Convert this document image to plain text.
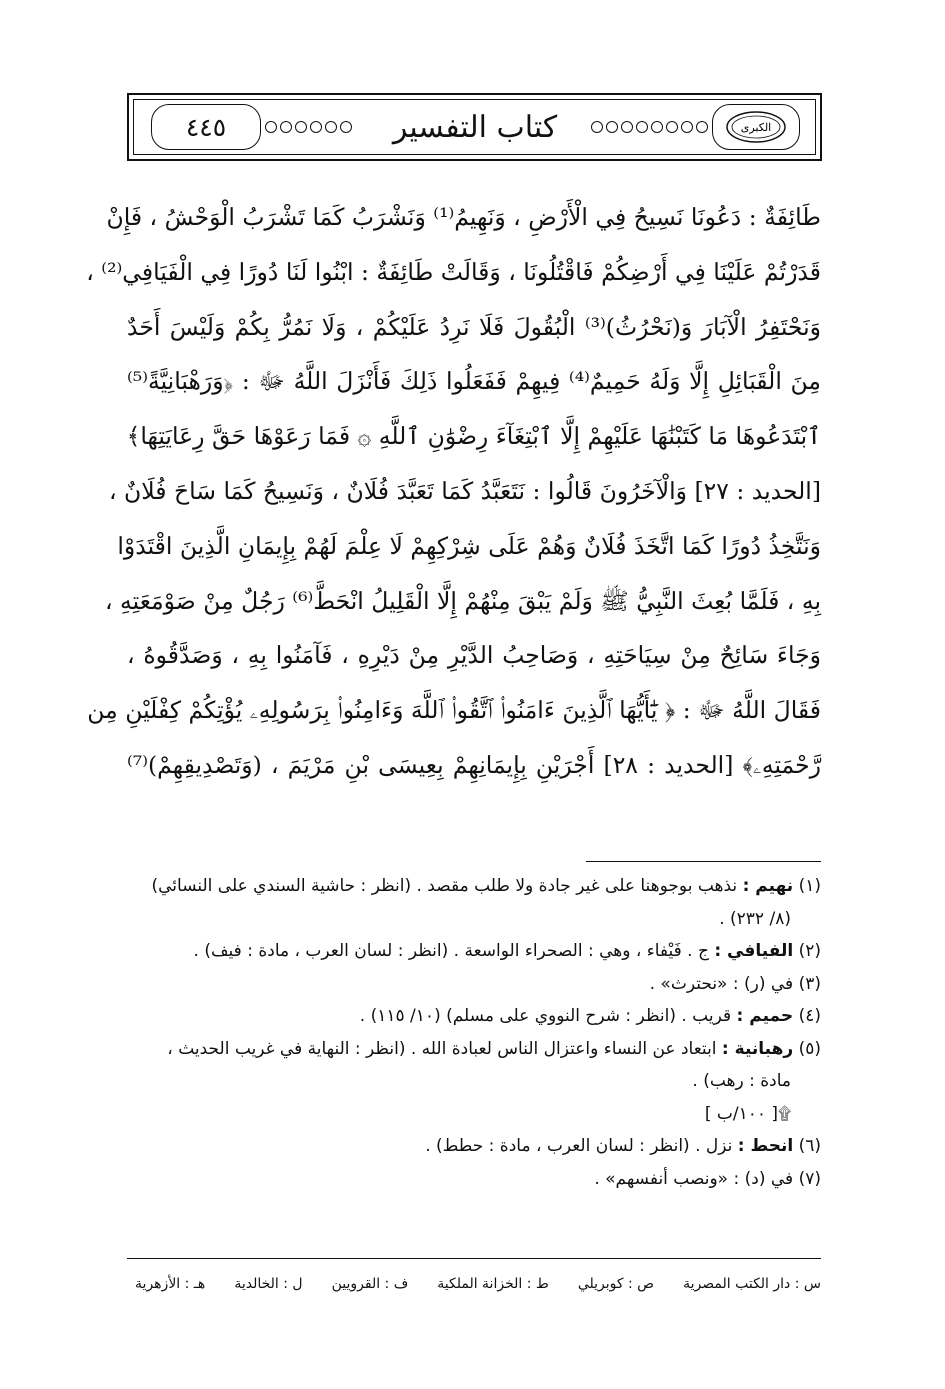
الكبرى
كتاب التفسير
٤٤٥
طَائِفَةٌ : دَعُونَا نَسِيحُ فِي الْأَرْضِ ، وَنَهِيمُ⁽¹⁾ وَنَشْرَبُ كَمَا تَشْرَبُ الْوَحْشُ ، فَإِنْ
قَدَرْتُمْ عَلَيْنَا فِي أَرْضِكُمْ فَاقْتُلُونَا ، وَقَالَتْ طَائِفَةٌ : ابْنُوا لَنَا دُورًا فِي الْفَيَافِي⁽²⁾ ،
وَنَحْتَفِرُ الْآبَارَ وَ(نَحْرُثُ)⁽³⁾ الْبُقُولَ فَلَا نَرِدُ عَلَيْكُمْ ، وَلَا نَمُرُّ بِكُمْ وَلَيْسَ أَحَدٌ
مِنَ الْقَبَائِلِ إِلَّا وَلَهُ حَمِيمٌ⁽⁴⁾ فِيهِمْ فَفَعَلُوا ذَلِكَ فَأَنْزَلَ اللَّهُ ﷻ : ﴿وَرَهْبَانِيَّةً⁽⁵⁾
ٱبْتَدَعُوهَا مَا كَتَبْنَٰهَا عَلَيْهِمْ إِلَّا ٱبْتِغَآءَ رِضْوَٰنِ ٱللَّهِ ۞ فَمَا رَعَوْهَا حَقَّ رِعَايَتِهَا﴾
[الحديد : ٢٧] وَالْآخَرُونَ قَالُوا : نَتَعَبَّدُ كَمَا تَعَبَّدَ فُلَانٌ ، وَنَسِيحُ كَمَا سَاحَ فُلَانٌ ،
وَنَتَّخِذُ دُورًا كَمَا اتَّخَذَ فُلَانٌ وَهُمْ عَلَى شِرْكِهِمْ لَا عِلْمَ لَهُمْ بِإِيمَانِ الَّذِينَ اقْتَدَوْا
بِهِ ، فَلَمَّا بُعِثَ النَّبِيُّ ﷺ وَلَمْ يَبْقَ مِنْهُمْ إِلَّا الْقَلِيلُ انْحَطَّ⁽⁶⁾ رَجُلٌ مِنْ صَوْمَعَتِهِ ،
وَجَاءَ سَائِحٌ مِنْ سِيَاحَتِهِ ، وَصَاحِبُ الدَّيْرِ مِنْ دَيْرِهِ ، فَآمَنُوا بِهِ ، وَصَدَّقُوهُ ،
فَقَالَ اللَّهُ ﷻ : ﴿ يَٰٓأَيُّهَا ٱلَّذِينَ ءَامَنُوا۟ ٱتَّقُوا۟ ٱللَّهَ وَءَامِنُوا۟ بِرَسُولِهِۦ يُؤْتِكُمْ كِفْلَيْنِ مِن
رَّحْمَتِهِۦ﴾ [الحديد : ٢٨] أَجْرَيْنِ بِإِيمَانِهِمْ بِعِيسَى بْنِ مَرْيَمَ ، (وَتَصْدِيقِهِمْ)⁽⁷⁾
(١) نهيم : نذهب بوجوهنا على غير جادة ولا طلب مقصد . (انظر : حاشية السندي على النسائي)
(٨/ ٢٣٢) .
(٢) الفيافي : ج . فَيْفاء ، وهي : الصحراء الواسعة . (انظر : لسان العرب ، مادة : فيف) .
(٣) في (ر) : «نحترث» .
(٤) حميم : قريب . (انظر : شرح النووي على مسلم) (١٠/ ١١٥) .
(٥) رهبانية : ابتعاد عن النساء واعتزال الناس لعبادة الله . (انظر : النهاية في غريب الحديث ،
مادة : رهب) .
۩[ ١٠٠/ب ]
(٦) انحط : نزل . (انظر : لسان العرب ، مادة : حطط) .
(٧) في (د) : «ونصب أنفسهم» .
س : دار الكتب المصرية
ص : كوبريلي
ط : الخزانة الملكية
ف : القرويين
ل : الخالدية
هـ : الأزهرية
